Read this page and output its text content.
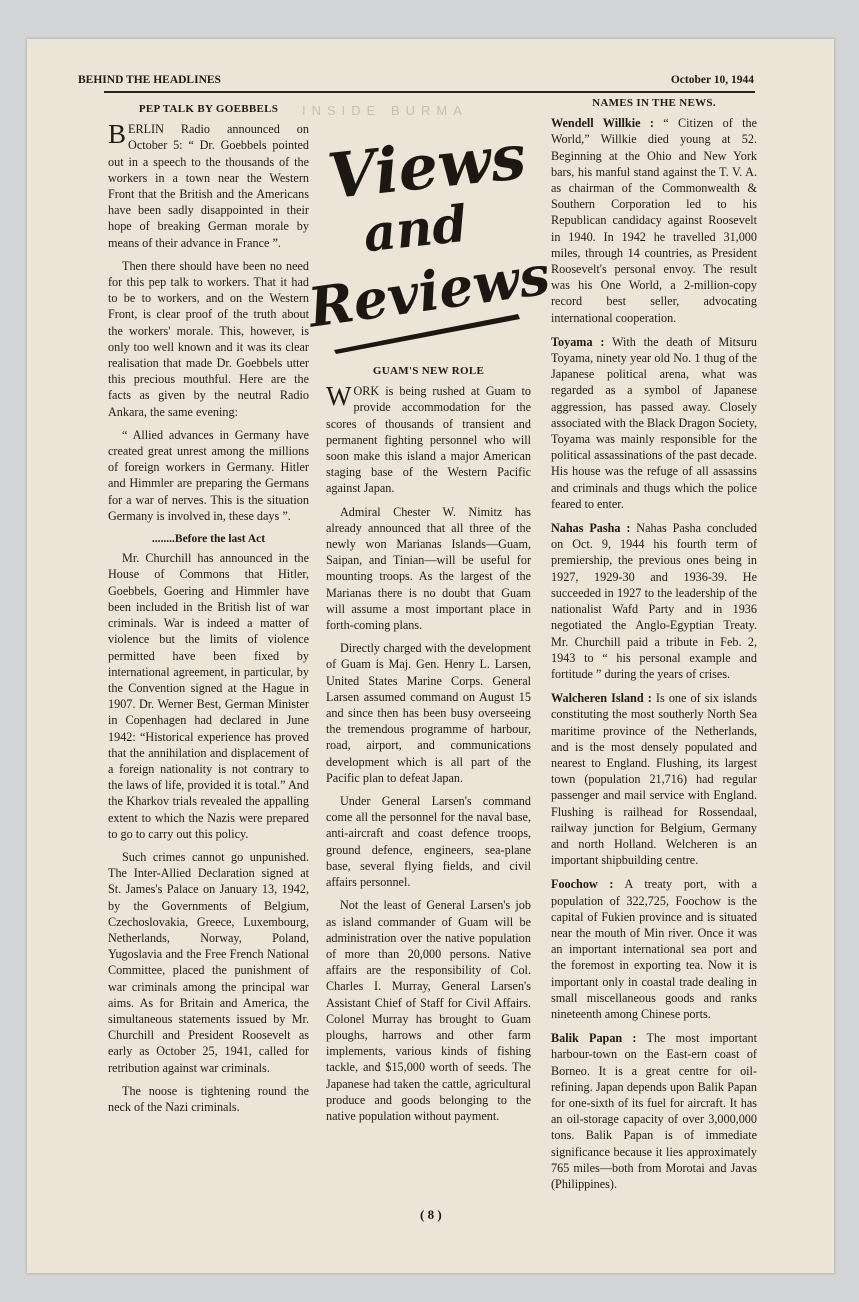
INSIDE BURMA
BEHIND THE HEADLINES	October 10, 1944
PEP TALK BY GOEBBELS

BERLIN Radio announced on October 5: “ Dr. Goebbels pointed out in a speech to the thousands of the workers in a town near the Western Front that the British and the Americans have been sadly disappointed in their hope of breaking German morale by means of their advance in France ”.

Then there should have been no need for this pep talk to workers. That it had to be to workers, and on the Western Front, is clear proof of the truth about the workers' morale. This, however, is only too well known and it was its clear realisation that made Dr. Goebbels utter this precious mouthful. Here are the facts as given by the neutral Radio Ankara, the same evening:

“ Allied advances in Germany have created great unrest among the millions of foreign workers in Germany. Hitler and Himmler are preparing the Germans for a war of nerves. This is the situation Germany is involved in, these days ”.

........Before the last Act

Mr. Churchill has announced in the House of Commons that Hitler, Goebbels, Goering and Himmler have been included in the British list of war criminals. War is indeed a matter of violence but the limits of violence permitted have been fixed by international agreement, in particular, by the Convention signed at the Hague in 1907. Dr. Werner Best, German Minister in Copenhagen had declared in June 1942: “Historical experience has proved that the annihilation and displacement of a foreign nationality is not contrary to the laws of life, provided it is total.” And the Kharkov trials revealed the appalling extent to which the Nazis were prepared to go to carry out this policy.

Such crimes cannot go unpunished. The Inter-Allied Declaration signed at St. James's Palace on January 13, 1942, by the Governments of Belgium, Czechoslovakia, Greece, Luxembourg, Netherlands, Norway, Poland, Yugoslavia and the Free French National Committee, placed the punishment of war criminals among the principal war aims. As for Britain and America, the simultaneous statements issued by Mr. Churchill and President Roosevelt as early as October 25, 1941, called for retribution against war criminals.

The noose is tightening round the neck of the Nazi criminals.

Views
and
Reviews
GUAM'S NEW ROLE

WORK is being rushed at Guam to provide accommodation for the scores of thousands of transient and permanent fighting personnel who will soon make this island a major American staging base of the Western Pacific against Japan.

Admiral Chester W. Nimitz has already announced that all three of the newly won Marianas Islands—Guam, Saipan, and Tinian—will be useful for mounting troops. As the largest of the Marianas there is no doubt that Guam will assume a most important place in forth-coming plans.

Directly charged with the development of Guam is Maj. Gen. Henry L. Larsen, United States Marine Corps. General Larsen assumed command on August 15 and since then has been busy overseeing the tremendous programme of harbour, road, airport, and communications development which is all part of the Pacific plan to defeat Japan.

Under General Larsen's command come all the personnel for the naval base, anti-aircraft and coast defence troops, ground defence, engineers, sea-plane base, several flying fields, and civil affairs personnel.

Not the least of General Larsen's job as island commander of Guam will be administration over the native population of more than 20,000 persons. Native affairs are the responsibility of Col. Charles I. Murray, General Larsen's Assistant Chief of Staff for Civil Affairs. Colonel Murray has brought to Guam ploughs, harrows and other farm implements, various kinds of fishing tackle, and $15,000 worth of seeds. The Japanese had taken the cattle, agricultural produce and goods belonging to the native population without payment.

NAMES IN THE NEWS.

Wendell Willkie : “ Citizen of the World,” Willkie died young at 52. Beginning at the Ohio and New York bars, his manful stand against the T. V. A. as chairman of the Commonwealth & Southern Corporation led to his Republican candidacy against Roosevelt in 1940. In 1942 he travelled 31,000 miles, through 14 countries, as President Roosevelt's personal envoy. The result was his One World, a 2-million-copy record best seller, advocating international cooperation.

Toyama : With the death of Mitsuru Toyama, ninety year old No. 1 thug of the Japanese political arena, what was regarded as a symbol of Japanese aggression, has passed away. Closely associated with the Black Dragon Society, Toyama was mainly responsible for the political assassinations of the past decade. His house was the refuge of all assassins and criminals and thugs which the police feared to enter.

Nahas Pasha : Nahas Pasha concluded on Oct. 9, 1944 his fourth term of premiership, the previous ones being in 1927, 1929-30 and 1936-39. He succeeded in 1927 to the leadership of the nationalist Wafd Party and in 1936 negotiated the Anglo-Egyptian Treaty. Mr. Churchill paid a tribute in Feb. 2, 1943 to “ his personal example and fortitude ” during the years of crises.

Walcheren Island : Is one of six islands constituting the most southerly North Sea maritime province of the Netherlands, and is the most densely populated and nearest to England. Flushing, its largest town (population 21,716) had regular passenger and mail service with England. Flushing is railhead for Rossendaal, railway junction for Belgium, Germany and north Holland. Welcheren is an important shipbuilding centre.

Foochow : A treaty port, with a population of 322,725, Foochow is the capital of Fukien province and is situated near the mouth of Min river. Once it was an important international sea port and the foremost in exporting tea. Now it is important only in coastal trade dealing in small miscellaneous goods and ranks nineteenth among Chinese ports.

Balik Papan : The most important harbour-town on the East-ern coast of Borneo. It is a great centre for oil-refining. Japan depends upon Balik Papan for one-sixth of its fuel for aircraft. It has an oil-storage capacity of over 3,000,000 tons. Balik Papan is of immediate significance because it lies approximately 765 miles—both from Morotai and Javas (Philippines).

( 8 )
